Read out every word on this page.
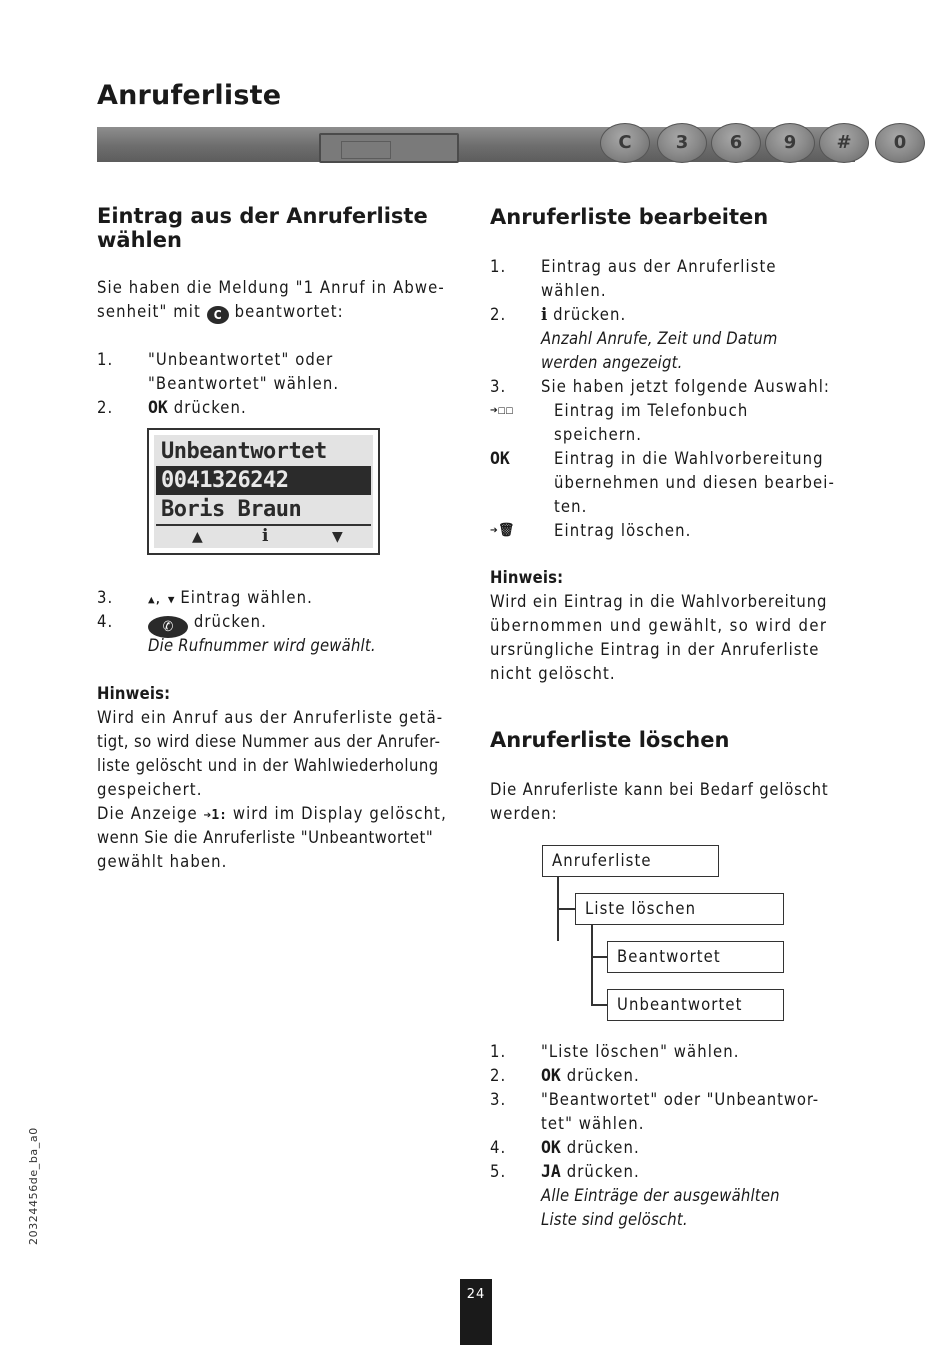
Anruferliste
C	3	6	9	#	0
Eintrag aus der Anruferliste wählen
Sie haben die Meldung "1 Anruf in Abwe-
senheit" mit C beantwortet:
1. "Unbeantwortet" oder
"Beantwortet" wählen.
2. OK drücken.
Unbeantwortet
0041326242
Boris Braun
▲	i	▼
3.	▲, ▼ Eintrag wählen.
4.	✆ drücken.
Die Rufnummer wird gewählt.
Hinweis:
Wird ein Anruf aus der Anruferliste getä-
tigt, so wird diese Nummer aus der Anrufer-
liste gelöscht und in der Wahlwiederholung
gespeichert.
Die Anzeige ➔1: wird im Display gelöscht,
wenn Sie die Anruferliste "Unbeantwortet"
gewählt haben.
Anruferliste bearbeiten
1. Eintrag aus der Anruferliste
wählen.
2. i drücken.
Anzahl Anrufe, Zeit und Datum
werden angezeigt.
3. Sie haben jetzt folgende Auswahl:
➔☐☐ Eintrag im Telefonbuch
speichern.
OK	Eintrag in die Wahlvorbereitung
übernehmen und diesen bearbei-
ten.
➔🗑 Eintrag löschen.
Hinweis:
Wird ein Eintrag in die Wahlvorbereitung
übernommen und gewählt, so wird der
ursrüngliche Eintrag in der Anruferliste
nicht gelöscht.
Anruferliste löschen
Die Anruferliste kann bei Bedarf gelöscht
werden:
Anruferliste
Liste löschen
Beantwortet
Unbeantwortet
1. "Liste löschen" wählen.
2. OK drücken.
3. "Beantwortet" oder "Unbeantwor-
tet" wählen.
4. OK drücken.
5. JA drücken.
Alle Einträge der ausgewählten
Liste sind gelöscht.
20324456de_ba_a0
24
